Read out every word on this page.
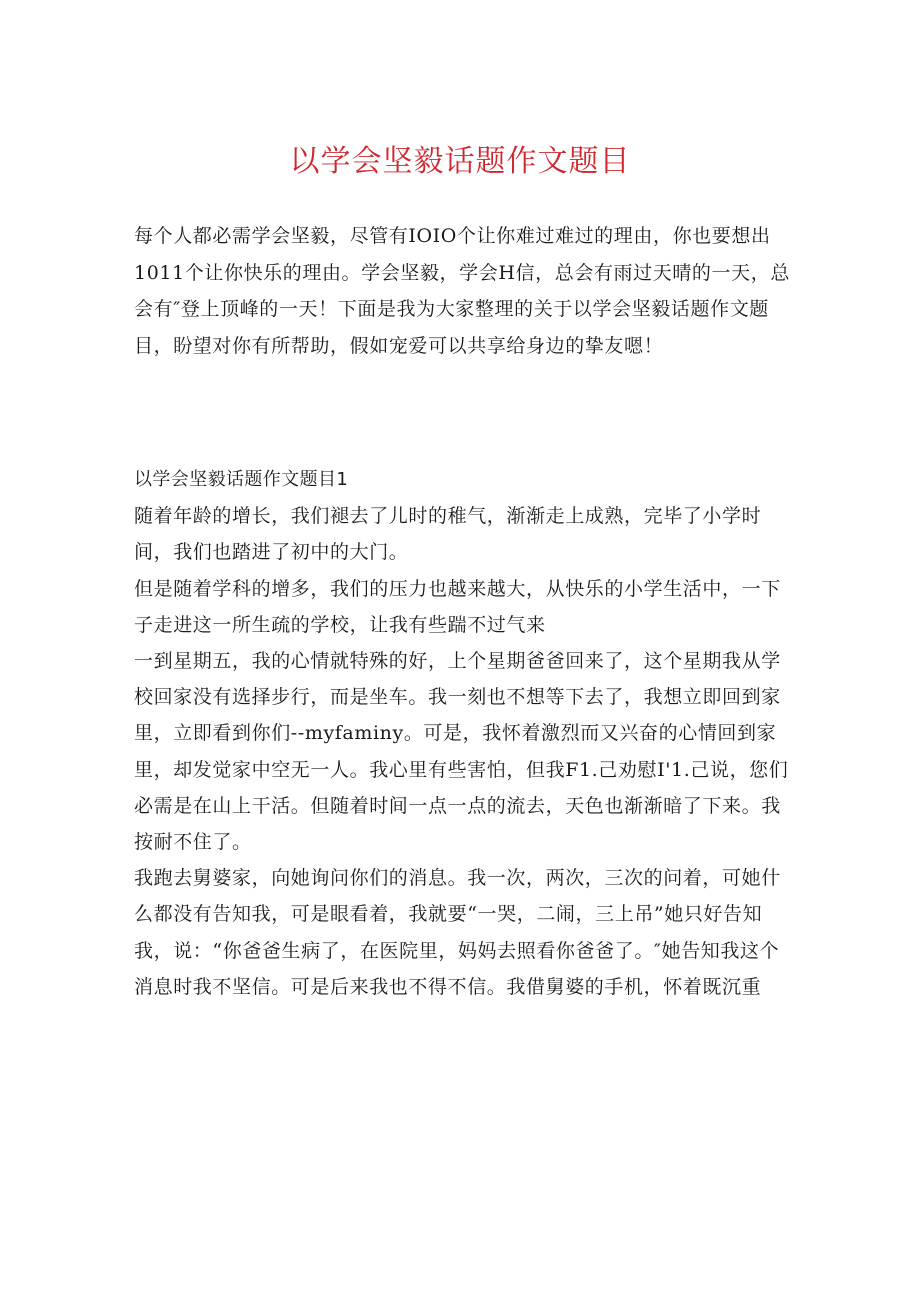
以学会坚毅话题作文题目

每个人都必需学会坚毅，尽管有IOIO个让你难过难过的理由，你也要想出1011个让你快乐的理由。学会坚毅，学会H信，总会有雨过天晴的一天，总会有″登上顶峰的一天！下面是我为大家整理的关于以学会坚毅话题作文题目，盼望对你有所帮助，假如宠爱可以共享给身边的挚友嗯！

以学会坚毅话题作文题目1

随着年龄的增长，我们褪去了儿时的稚气，渐渐走上成熟，完毕了小学时间，我们也踏进了初中的大门。

但是随着学科的增多，我们的压力也越来越大，从快乐的小学生活中，一下子走进这一所生疏的学校，让我有些踹不过气来

一到星期五，我的心情就特殊的好，上个星期爸爸回来了，这个星期我从学校回家没有选择步行，而是坐车。我一刻也不想等下去了，我想立即回到家里，立即看到你们--myfaminy。可是，我怀着激烈而又兴奋的心情回到家里，却发觉家中空无一人。我心里有些害怕，但我F1.己劝慰I'1.己说，您们必需是在山上干活。但随着时间一点一点的流去，天色也渐渐暗了下来。我按耐不住了。

我跑去舅婆家，向她询问你们的消息。我一次，两次，三次的问着，可她什么都没有告知我，可是眼看着，我就要“一哭，二闹，三上吊”她只好告知我，说：“你爸爸生病了，在医院里，妈妈去照看你爸爸了。″她告知我这个消息时我不坚信。可是后来我也不得不信。我借舅婆的手机，怀着既沉重
